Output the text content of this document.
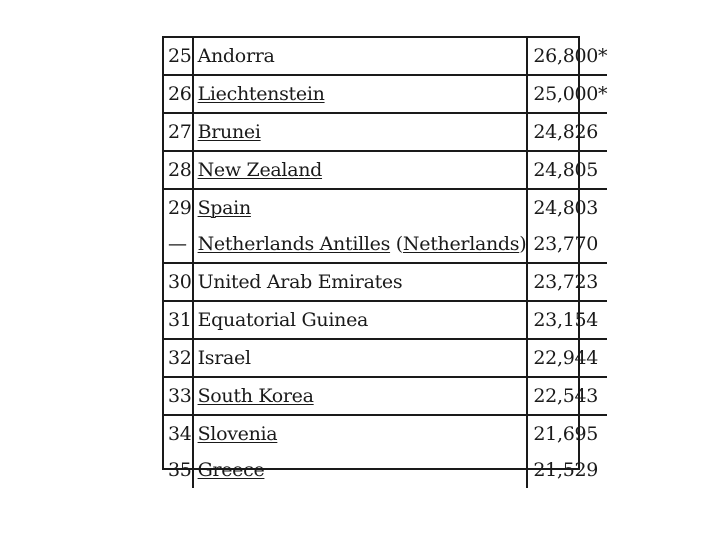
25	Andorra	26,800*
26	Liechtenstein	25,000*
27	Brunei	24,826
28	New Zealand	24,805
29	Spain	24,803
—	Netherlands Antilles (Netherlands)	23,770
30	United Arab Emirates	23,723
31	Equatorial Guinea	23,154
32	Israel	22,944
33	South Korea	22,543
34	Slovenia	21,695
35	Greece	21,529
